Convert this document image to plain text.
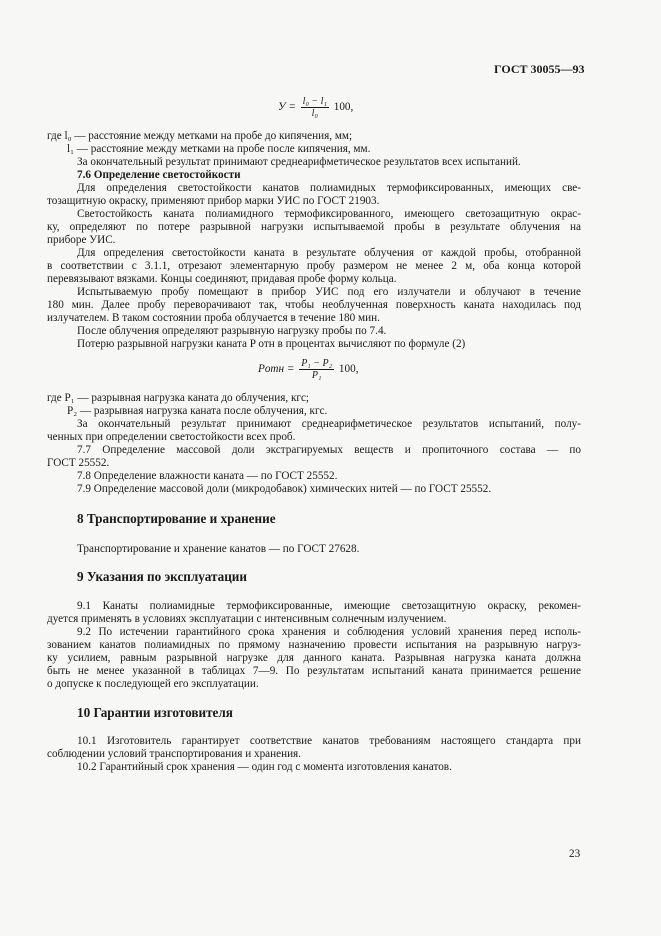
ГОСТ 30055—93
$У = \frac{\text{l₀ − l₁}}{\text{l₀}} 100$,
где l₀ — расстояние между метками на пробе до кипячения, мм;
l₁ — расстояние между метками на пробе после кипячения, мм.
За окончательный результат принимают среднеарифметическое результатов всех испытаний.
7.6 Определение светостойкости
Для определения светостойкости канатов полиамидных термофиксированных, имеющих све-
тозащитную окраску, применяют прибор марки УИС по ГОСТ 21903.
Светостойкость каната полиамидного термофиксированного, имеющего светозащитную окрас-
ку, определяют по потере разрывной нагрузки испытываемой пробы в результате облучения на
приборе УИС.
Для определения светостойкости каната в результате облучения от каждой пробы, отобранной
в соответствии с 3.1.1, отрезают элементарную пробу размером не менее 2 м, оба конца которой
перевязывают вязками. Концы соединяют, придавая пробе форму кольца.
Испытываемую пробу помещают в прибор УИС под его излучатели и облучают в течение
180 мин. Далее пробу переворачивают так, чтобы необлученная поверхность каната находилась под
излучателем. В таком состоянии проба облучается в течение 180 мин.
После облучения определяют разрывную нагрузку пробы по 7.4.
Потерю разрывной нагрузки каната P отн в процентах вычисляют по формуле (2)
Pотн = $\frac{\text{P₁ − P₂}}{\text{P₁}} 100$,
где P₁ — разрывная нагрузка каната до облучения, кгс;
P₂ — разрывная нагрузка каната после облучения, кгс.
За окончательный результат принимают среднеарифметическое результатов испытаний, полу-
ченных при определении светостойкости всех проб.
7.7 Определение массовой доли экстрагируемых веществ и пропиточного состава — по
ГОСТ 25552.
7.8 Определение влажности каната — по ГОСТ 25552.
7.9 Определение массовой доли (микродобавок) химических нитей — по ГОСТ 25552.
8 Транспортирование и хранение
Транспортирование и хранение канатов — по ГОСТ 27628.
9 Указания по эксплуатации
9.1 Канаты полиамидные термофиксированные, имеющие светозащитную окраску, рекомен-
дуется применять в условиях эксплуатации с интенсивным солнечным излучением.
9.2 По истечении гарантийного срока хранения и соблюдения условий хранения перед исполь-
зованием канатов полиамидных по прямому назначению провести испытания на разрывную нагруз-
ку усилием, равным разрывной нагрузке для данного каната. Разрывная нагрузка каната должна
быть не менее указанной в таблицах 7—9. По результатам испытаний каната принимается решение
о допуске к последующей его эксплуатации.
10 Гарантии изготовителя
10.1 Изготовитель гарантирует соответствие канатов требованиям настоящего стандарта при
соблюдении условий транспортирования и хранения.
10.2 Гарантийный срок хранения — один год с момента изготовления канатов.
23
